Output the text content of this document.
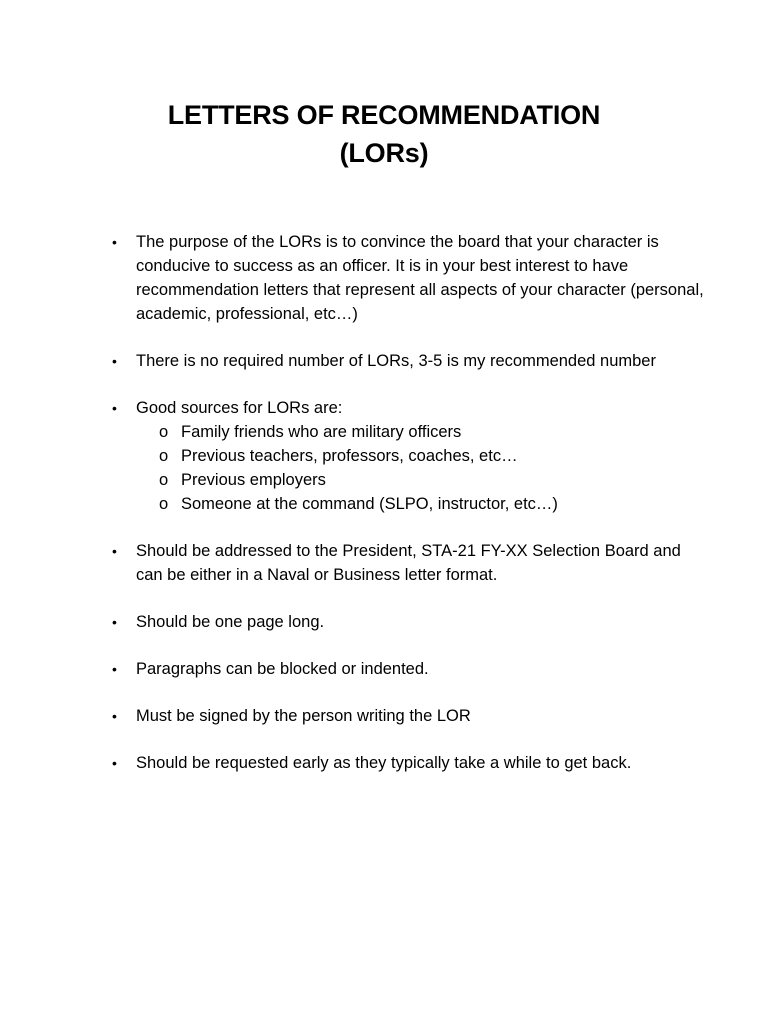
LETTERS OF RECOMMENDATION
(LORs)
•	The purpose of the LORs is to convince the board that your character is conducive to success as an officer. It is in your best interest to have recommendation letters that represent all aspects of your character (personal, academic, professional, etc…)
•	There is no required number of LORs, 3-5 is my recommended number
•	Good sources for LORs are:
o Family friends who are military officers
o Previous teachers, professors, coaches, etc…
o Previous employers
o Someone at the command (SLPO, instructor, etc…)
•	Should be addressed to the President, STA-21 FY-XX Selection Board and can be either in a Naval or Business letter format.
•	Should be one page long.
•	Paragraphs can be blocked or indented.
•	Must be signed by the person writing the LOR
•	Should be requested early as they typically take a while to get back.
